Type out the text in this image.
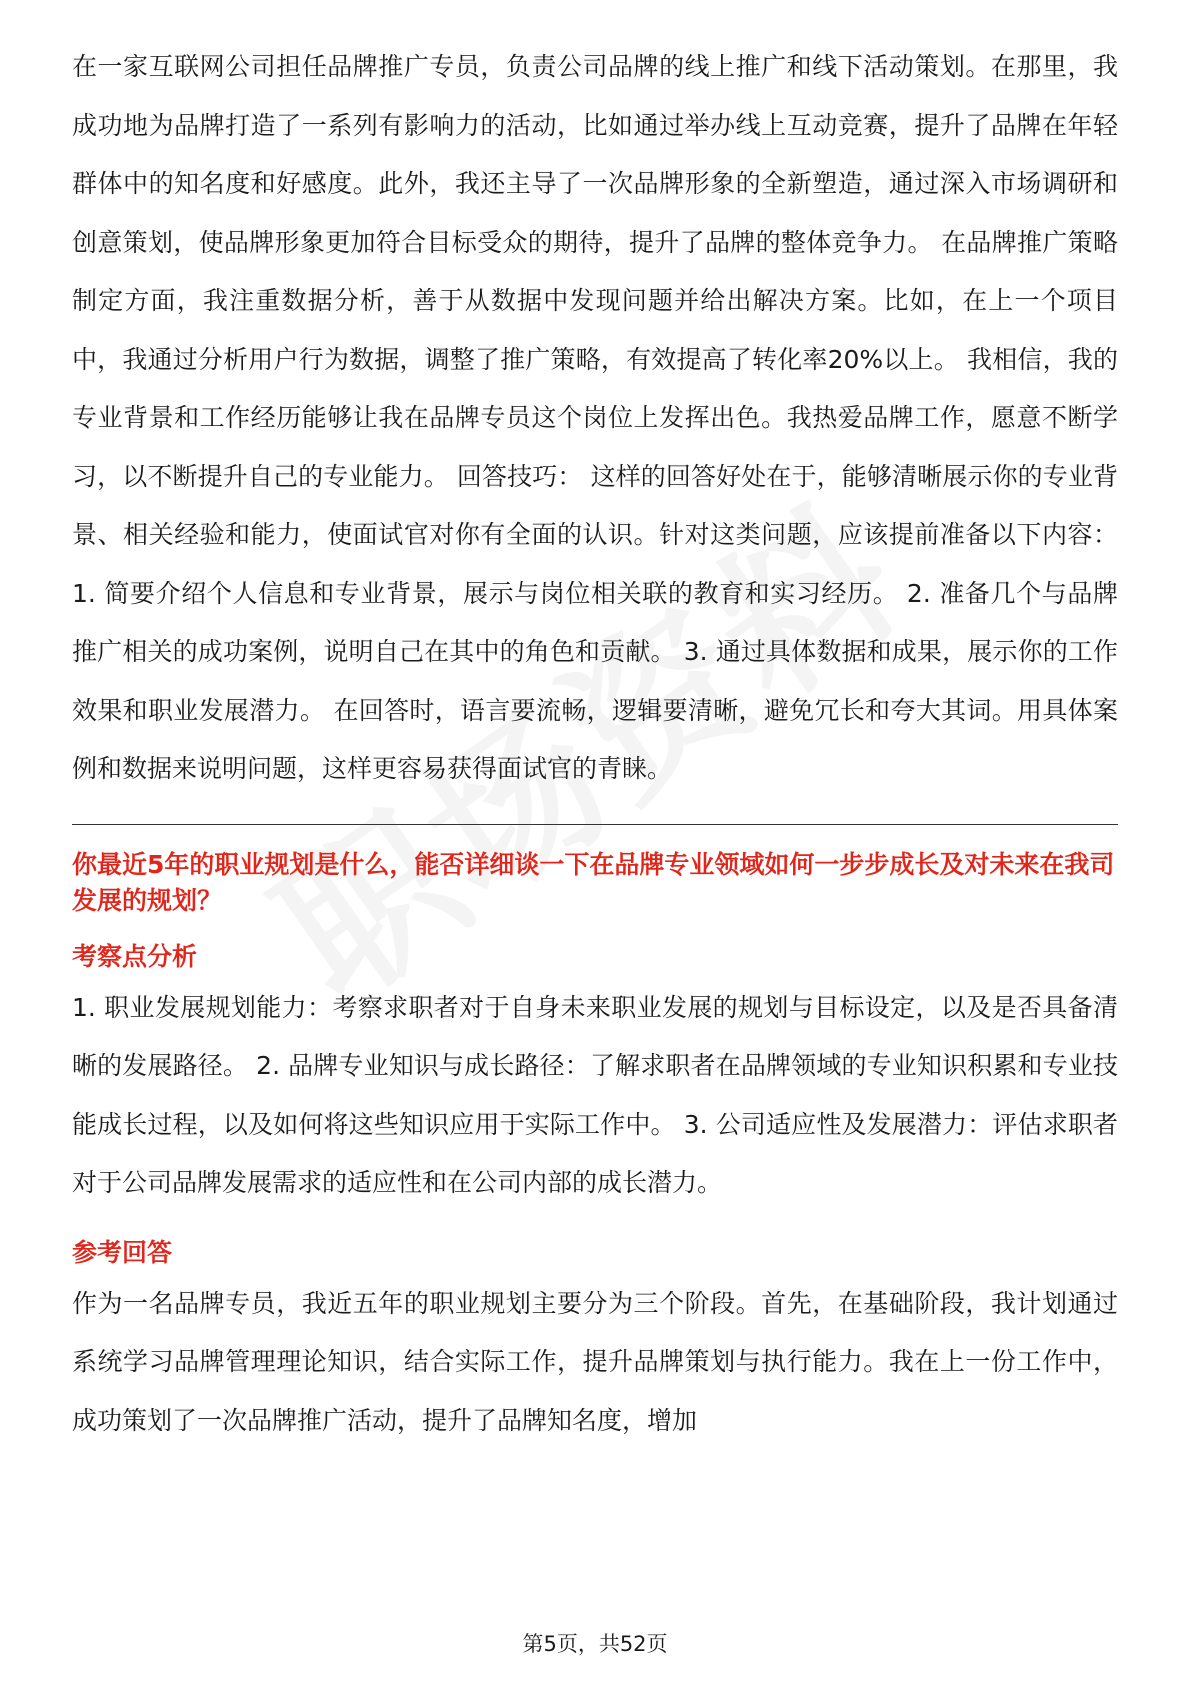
在一家互联网公司担任品牌推广专员，负责公司品牌的线上推广和线下活动策划。在那里，我成功地为品牌打造了一系列有影响力的活动，比如通过举办线上互动竞赛，提升了品牌在年轻群体中的知名度和好感度。此外，我还主导了一次品牌形象的全新塑造，通过深入市场调研和创意策划，使品牌形象更加符合目标受众的期待，提升了品牌的整体竞争力。 在品牌推广策略制定方面，我注重数据分析，善于从数据中发现问题并给出解决方案。比如，在上一个项目中，我通过分析用户行为数据，调整了推广策略，有效提高了转化率20%以上。 我相信，我的专业背景和工作经历能够让我在品牌专员这个岗位上发挥出色。我热爱品牌工作，愿意不断学习，以不断提升自己的专业能力。 回答技巧： 这样的回答好处在于，能够清晰展示你的专业背景、相关经验和能力，使面试官对你有全面的认识。针对这类问题，应该提前准备以下内容： 1. 简要介绍个人信息和专业背景，展示与岗位相关联的教育和实习经历。 2. 准备几个与品牌推广相关的成功案例，说明自己在其中的角色和贡献。 3. 通过具体数据和成果，展示你的工作效果和职业发展潜力。 在回答时，语言要流畅，逻辑要清晰，避免冗长和夸大其词。用具体案例和数据来说明问题，这样更容易获得面试官的青睐。

你最近5年的职业规划是什么，能否详细谈一下在品牌专业领域如何一步步成长及对未来在我司发展的规划？

考察点分析

1. 职业发展规划能力：考察求职者对于自身未来职业发展的规划与目标设定，以及是否具备清晰的发展路径。 2. 品牌专业知识与成长路径：了解求职者在品牌领域的专业知识积累和专业技能成长过程，以及如何将这些知识应用于实际工作中。 3. 公司适应性及发展潜力：评估求职者对于公司品牌发展需求的适应性和在公司内部的成长潜力。

参考回答

作为一名品牌专员，我近五年的职业规划主要分为三个阶段。首先，在基础阶段，我计划通过系统学习品牌管理理论知识，结合实际工作，提升品牌策划与执行能力。我在上一份工作中，成功策划了一次品牌推广活动，提升了品牌知名度，增加

第5页，共52页
